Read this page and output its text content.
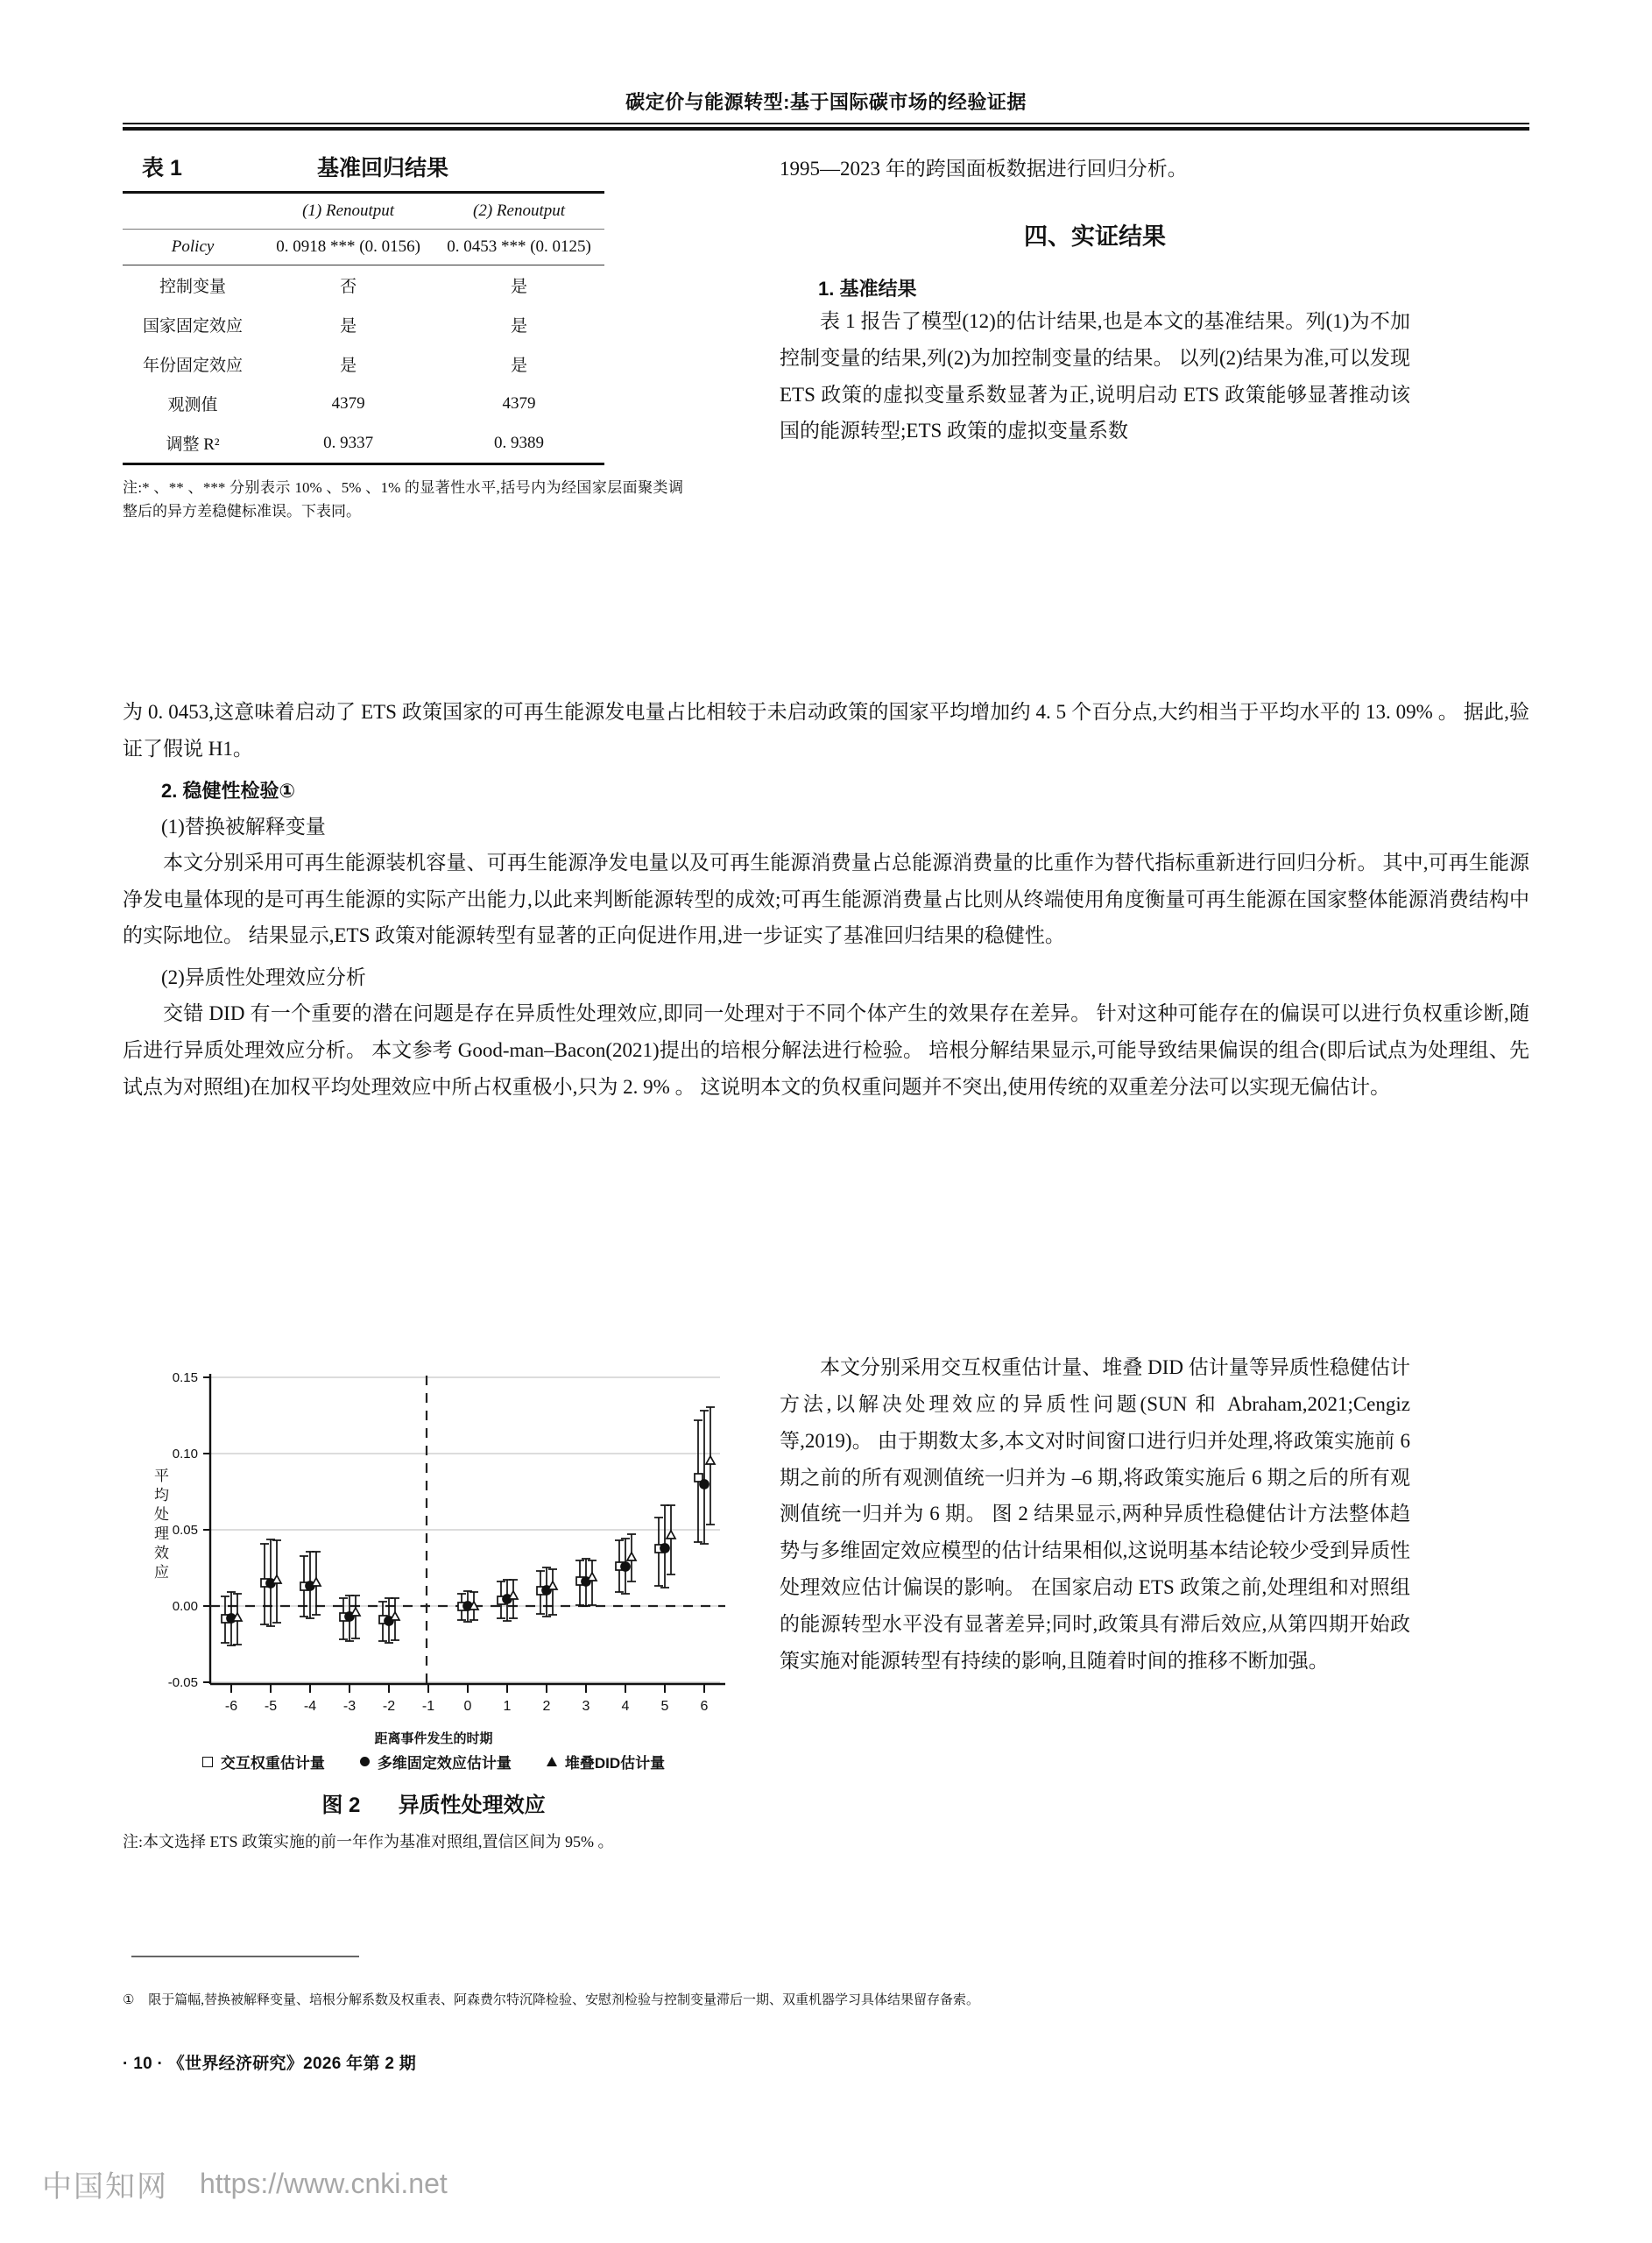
碳定价与能源转型:基于国际碳市场的经验证据
表 1	基准回归结果
	(1) Renoutput	(2) Renoutput
Policy	0. 0918 *** (0. 0156)	0. 0453 *** (0. 0125)
控制变量	否	是
国家固定效应	是	是
年份固定效应	是	是
观测值	4379	4379
调整 R²	0. 9337	0. 9389
注:* 、** 、*** 分别表示 10% 、5% 、1% 的显著性水平,括号内为经国家层面聚类调整后的异方差稳健标准误。下表同。

1995—2023 年的跨国面板数据进行回归分析。

四、实证结果
1. 基准结果

表 1 报告了模型(12)的估计结果,也是本文的基准结果。列(1)为不加控制变量的结果,列(2)为加控制变量的结果。 以列(2)结果为准,可以发现 ETS 政策的虚拟变量系数显著为正,说明启动 ETS 政策能够显著推动该国的能源转型;ETS 政策的虚拟变量系数

为 0. 0453,这意味着启动了 ETS 政策国家的可再生能源发电量占比相较于未启动政策的国家平均增加约 4. 5 个百分点,大约相当于平均水平的 13. 09% 。 据此,验证了假说 H1。

2. 稳健性检验①
(1)替换被解释变量

本文分别采用可再生能源装机容量、可再生能源净发电量以及可再生能源消费量占总能源消费量的比重作为替代指标重新进行回归分析。 其中,可再生能源净发电量体现的是可再生能源的实际产出能力,以此来判断能源转型的成效;可再生能源消费量占比则从终端使用角度衡量可再生能源在国家整体能源消费结构中的实际地位。 结果显示,ETS 政策对能源转型有显著的正向促进作用,进一步证实了基准回归结果的稳健性。

(2)异质性处理效应分析

交错 DID 有一个重要的潜在问题是存在异质性处理效应,即同一处理对于不同个体产生的效果存在差异。 针对这种可能存在的偏误可以进行负权重诊断,随后进行异质处理效应分析。 本文参考 Good-man–Bacon(2021)提出的培根分解法进行检验。 培根分解结果显示,可能导致结果偏误的组合(即后试点为处理组、先试点为对照组)在加权平均处理效应中所占权重极小,只为 2. 9% 。 这说明本文的负权重问题并不突出,使用传统的双重差分法可以实现无偏估计。

0.15
0.10
0.05
0.00
-0.05
平
均
处
理
效
应
-6 -5 -4 -3 -2 -1 0 1 2 3 4 5 6
距离事件发生的时期
交互权重估计量	多维固定效应估计量	堆叠DID估计量
图 2 异质性处理效应
注:本文选择 ETS 政策实施的前一年作为基准对照组,置信区间为 95% 。

本文分别采用交互权重估计量、堆叠 DID 估计量等异质性稳健估计方法,以解决处理效应的异质性问题(SUN 和 Abraham,2021;Cengiz 等,2019)。 由于期数太多,本文对时间窗口进行归并处理,将政策实施前 6 期之前的所有观测值统一归并为 –6 期,将政策实施后 6 期之后的所有观测值统一归并为 6 期。 图 2 结果显示,两种异质性稳健估计方法整体趋势与多维固定效应模型的估计结果相似,这说明基本结论较少受到异质性处理效应估计偏误的影响。 在国家启动 ETS 政策之前,处理组和对照组的能源转型水平没有显著差异;同时,政策具有滞后效应,从第四期开始政策实施对能源转型有持续的影响,且随着时间的推移不断加强。

① 限于篇幅,替换被解释变量、培根分解系数及权重表、阿森费尔特沉降检验、安慰剂检验与控制变量滞后一期、双重机器学习具体结果留存备索。
· 10 · 《世界经济研究》2026 年第 2 期
中国知网 https://www.cnki.net
